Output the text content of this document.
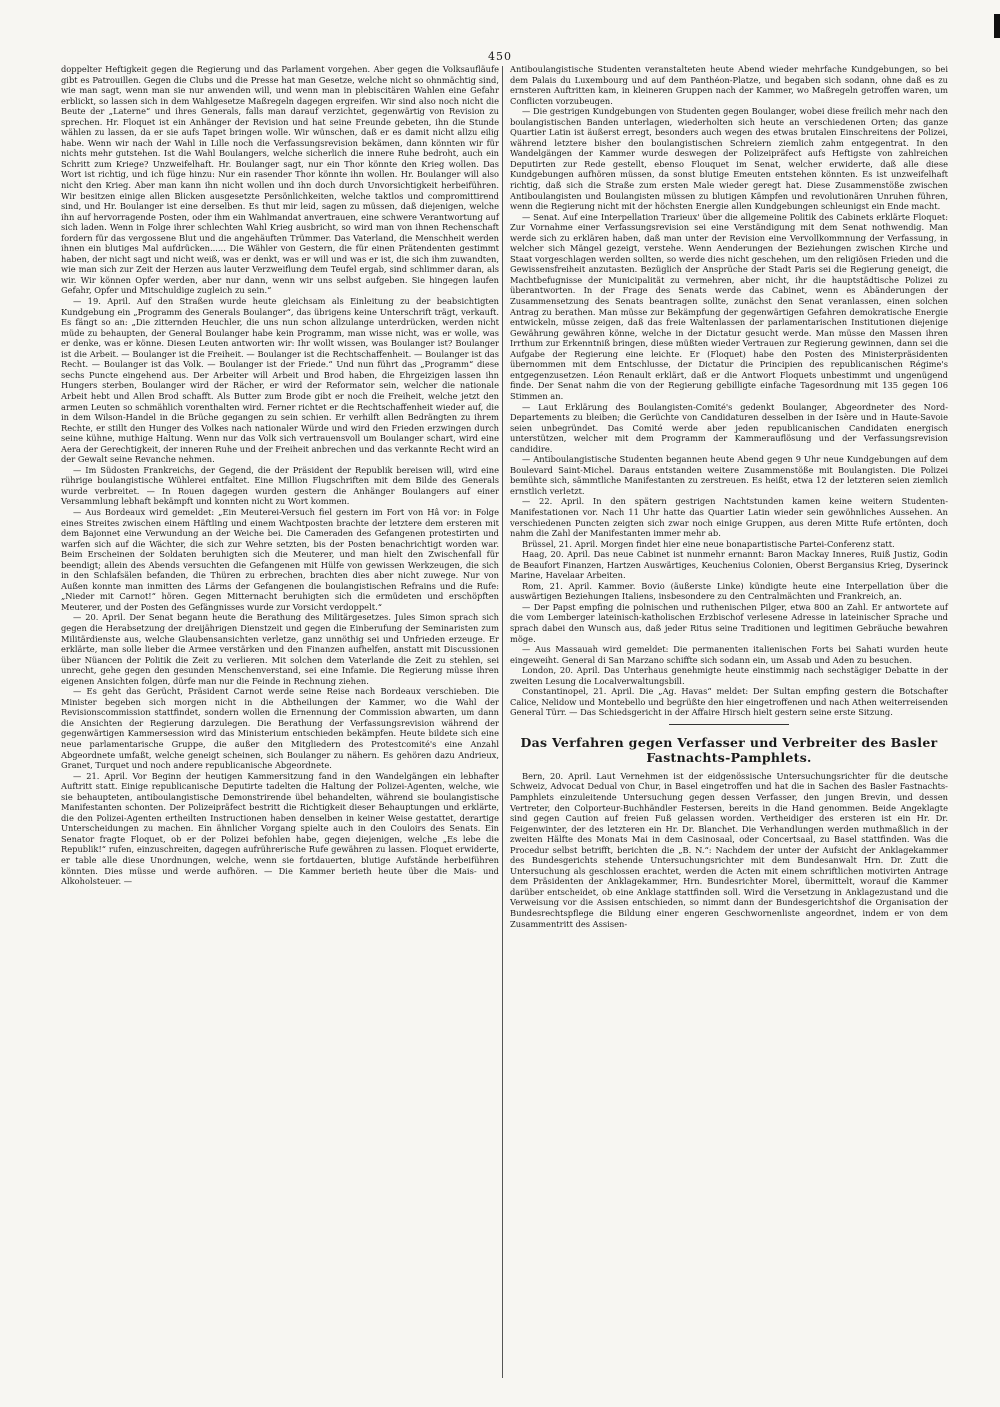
450

doppelter Heftigkeit gegen die Regierung und das Parlament vorgehen. Aber gegen die Volksaufläufe gibt es Patrouillen. Gegen die Clubs und die Presse hat man Gesetze, welche nicht so ohnmächtig sind, wie man sagt, wenn man sie nur anwenden will, und wenn man in plebiscitären Wahlen eine Gefahr erblickt, so lassen sich in dem Wahlgesetze Maßregeln dagegen ergreifen. Wir sind also noch nicht die Beute der „Laterne“ und ihres Generals, falls man darauf verzichtet, gegenwärtig von Revision zu sprechen. Hr. Floquet ist ein Anhänger der Revision und hat seine Freunde gebeten, ihn die Stunde wählen zu lassen, da er sie aufs Tapet bringen wolle. Wir wünschen, daß er es damit nicht allzu eilig habe. Wenn wir nach der Wahl in Lille noch die Verfassungsrevision bekämen, dann könnten wir für nichts mehr gutstehen. Ist die Wahl Boulangers, welche sicherlich die innere Ruhe bedroht, auch ein Schritt zum Kriege? Unzweifelhaft. Hr. Boulanger sagt, nur ein Thor könnte den Krieg wollen. Das Wort ist richtig, und ich füge hinzu: Nur ein rasender Thor könnte ihn wollen. Hr. Boulanger will also nicht den Krieg. Aber man kann ihn nicht wollen und ihn doch durch Unvorsichtigkeit herbeiführen. Wir besitzen einige allen Blicken ausgesetzte Persönlichkeiten, welche taktlos und compromittirend sind, und Hr. Boulanger ist eine derselben. Es thut mir leid, sagen zu müssen, daß diejenigen, welche ihn auf hervorragende Posten, oder ihm ein Wahlmandat anvertrauen, eine schwere Verantwortung auf sich laden. Wenn in Folge ihrer schlechten Wahl Krieg ausbricht, so wird man von ihnen Rechenschaft fordern für das vergossene Blut und die angehäuften Trümmer. Das Vaterland, die Menschheit werden ihnen ein blutiges Mal aufdrücken...... Die Wähler von Gestern, die für einen Prätendenten gestimmt haben, der nicht sagt und nicht weiß, was er denkt, was er will und was er ist, die sich ihm zuwandten, wie man sich zur Zeit der Herzen aus lauter Verzweiflung dem Teufel ergab, sind schlimmer daran, als wir. Wir können Opfer werden, aber nur dann, wenn wir uns selbst aufgeben. Sie hingegen laufen Gefahr, Opfer und Mitschuldige zugleich zu sein.“

— 19. April. Auf den Straßen wurde heute gleichsam als Einleitung zu der beabsichtigten Kundgebung ein „Programm des Generals Boulanger“, das übrigens keine Unterschrift trägt, verkauft. Es fängt so an: „Die zitternden Heuchler, die uns nun schon allzulange unterdrücken, werden nicht müde zu behaupten, der General Boulanger habe kein Programm, man wisse nicht, was er wolle, was er denke, was er könne. Diesen Leuten antworten wir: Ihr wollt wissen, was Boulanger ist? Boulanger ist die Arbeit. — Boulanger ist die Freiheit. — Boulanger ist die Rechtschaffenheit. — Boulanger ist das Recht. — Boulanger ist das Volk. — Boulanger ist der Friede.“ Und nun führt das „Programm“ diese sechs Puncte eingehend aus. Der Arbeiter will Arbeit und Brod haben, die Ehrgeizigen lassen ihn Hungers sterben, Boulanger wird der Rächer, er wird der Reformator sein, welcher die nationale Arbeit hebt und Allen Brod schafft. Als Butter zum Brode gibt er noch die Freiheit, welche jetzt den armen Leuten so schmählich vorenthalten wird. Ferner richtet er die Rechtschaffenheit wieder auf, die in dem Wilson-Handel in die Brüche gegangen zu sein schien. Er verhilft allen Bedrängten zu ihrem Rechte, er stillt den Hunger des Volkes nach nationaler Würde und wird den Frieden erzwingen durch seine kühne, muthige Haltung. Wenn nur das Volk sich vertrauensvoll um Boulanger schart, wird eine Aera der Gerechtigkeit, der inneren Ruhe und der Freiheit anbrechen und das verkannte Recht wird an der Gewalt seine Revanche nehmen.

— Im Südosten Frankreichs, der Gegend, die der Präsident der Republik bereisen will, wird eine rührige boulangistische Wühlerei entfaltet. Eine Million Flugschriften mit dem Bilde des Generals wurde verbreitet. — In Rouen dagegen wurden gestern die Anhänger Boulangers auf einer Versammlung lebhaft bekämpft und konnten nicht zu Wort kommen.

— Aus Bordeaux wird gemeldet: „Ein Meuterei-Versuch fiel gestern im Fort von Hâ vor: in Folge eines Streites zwischen einem Häftling und einem Wachtposten brachte der letztere dem ersteren mit dem Bajonnet eine Verwundung an der Weiche bei. Die Cameraden des Gefangenen protestirten und warfen sich auf die Wächter, die sich zur Wehre setzten, bis der Posten benachrichtigt worden war. Beim Erscheinen der Soldaten beruhigten sich die Meuterer, und man hielt den Zwischenfall für beendigt; allein des Abends versuchten die Gefangenen mit Hülfe von gewissen Werkzeugen, die sich in den Schlafsälen befanden, die Thüren zu erbrechen, brachten dies aber nicht zuwege. Nur von Außen konnte man inmitten des Lärms der Gefangenen die boulangistischen Refrains und die Rufe: „Nieder mit Carnot!“ hören. Gegen Mitternacht beruhigten sich die ermüdeten und erschöpften Meuterer, und der Posten des Gefängnisses wurde zur Vorsicht verdoppelt.“

— 20. April. Der Senat begann heute die Berathung des Militärgesetzes. Jules Simon sprach sich gegen die Herabsetzung der dreijährigen Dienstzeit und gegen die Einberufung der Seminaristen zum Militärdienste aus, welche Glaubensansichten verletze, ganz unnöthig sei und Unfrieden erzeuge. Er erklärte, man solle lieber die Armee verstärken und den Finanzen aufhelfen, anstatt mit Discussionen über Nüancen der Politik die Zeit zu verlieren. Mit solchen dem Vaterlande die Zeit zu stehlen, sei unrecht, gehe gegen den gesunden Menschenverstand, sei eine Infamie. Die Regierung müsse ihren eigenen Ansichten folgen, dürfe man nur die Feinde in Rechnung ziehen.

— Es geht das Gerücht, Präsident Carnot werde seine Reise nach Bordeaux verschieben. Die Minister begeben sich morgen nicht in die Abtheilungen der Kammer, wo die Wahl der Revisionscommission stattfindet, sondern wollen die Ernennung der Commission abwarten, um dann die Ansichten der Regierung darzulegen. Die Berathung der Verfassungsrevision während der gegenwärtigen Kammersession wird das Ministerium entschieden bekämpfen. Heute bildete sich eine neue parlamentarische Gruppe, die außer den Mitgliedern des Protestcomité's eine Anzahl Abgeordnete umfaßt, welche geneigt scheinen, sich Boulanger zu nähern. Es gehören dazu Andrieux, Granet, Turquet und noch andere republicanische Abgeordnete.

— 21. April. Vor Beginn der heutigen Kammersitzung fand in den Wandelgängen ein lebhafter Auftritt statt. Einige republicanische Deputirte tadelten die Haltung der Polizei-Agenten, welche, wie sie behaupteten, antiboulangistische Demonstrirende übel behandelten, während sie boulangistische Manifestanten schonten. Der Polizeipräfect bestritt die Richtigkeit dieser Behauptungen und erklärte, die den Polizei-Agenten ertheilten Instructionen haben denselben in keiner Weise gestattet, derartige Unterscheidungen zu machen. Ein ähnlicher Vorgang spielte auch in den Couloirs des Senats. Ein Senator fragte Floquet, ob er der Polizei befohlen habe, gegen diejenigen, welche „Es lebe die Republik!“ rufen, einzuschreiten, dagegen aufrührerische Rufe gewähren zu lassen. Floquet erwiderte, er table alle diese Unordnungen, welche, wenn sie fortdauerten, blutige Aufstände herbeiführen könnten. Dies müsse und werde aufhören. — Die Kammer berieth heute über die Mais- und Alkoholsteuer. —

Antiboulangistische Studenten veranstalteten heute Abend wieder mehrfache Kundgebungen, so bei dem Palais du Luxembourg und auf dem Panthéon-Platze, und begaben sich sodann, ohne daß es zu ernsteren Auftritten kam, in kleineren Gruppen nach der Kammer, wo Maßregeln getroffen waren, um Conflicten vorzubeugen.

— Die gestrigen Kundgebungen von Studenten gegen Boulanger, wobei diese freilich mehr nach den boulangistischen Banden unterlagen, wiederholten sich heute an verschiedenen Orten; das ganze Quartier Latin ist äußerst erregt, besonders auch wegen des etwas brutalen Einschreitens der Polizei, während letztere bisher den boulangistischen Schreiern ziemlich zahm entgegentrat. In den Wandelgängen der Kammer wurde deswegen der Polizeipräfect aufs Heftigste von zahlreichen Deputirten zur Rede gestellt, ebenso Flouquet im Senat, welcher erwiderte, daß alle diese Kundgebungen aufhören müssen, da sonst blutige Emeuten entstehen könnten. Es ist unzweifelhaft richtig, daß sich die Straße zum ersten Male wieder geregt hat. Diese Zusammenstöße zwischen Antiboulangisten und Boulangisten müssen zu blutigen Kämpfen und revolutionären Unruhen führen, wenn die Regierung nicht mit der höchsten Energie allen Kundgebungen schleunigst ein Ende macht.

— Senat. Auf eine Interpellation Trarieux' über die allgemeine Politik des Cabinets erklärte Floquet: Zur Vornahme einer Verfassungsrevision sei eine Verständigung mit dem Senat nothwendig. Man werde sich zu erklären haben, daß man unter der Revision eine Vervollkommnung der Verfassung, in welcher sich Mängel gezeigt, verstehe. Wenn Aenderungen der Beziehungen zwischen Kirche und Staat vorgeschlagen werden sollten, so werde dies nicht geschehen, um den religiösen Frieden und die Gewissensfreiheit anzutasten. Bezüglich der Ansprüche der Stadt Paris sei die Regierung geneigt, die Machtbefugnisse der Municipalität zu vermehren, aber nicht, ihr die hauptstädtische Polizei zu überantworten. In der Frage des Senats werde das Cabinet, wenn es Abänderungen der Zusammensetzung des Senats beantragen sollte, zunächst den Senat veranlassen, einen solchen Antrag zu berathen. Man müsse zur Bekämpfung der gegenwärtigen Gefahren demokratische Energie entwickeln, müsse zeigen, daß das freie Waltenlassen der parlamentarischen Institutionen diejenige Gewährung gewähren könne, welche in der Dictatur gesucht werde. Man müsse den Massen ihren Irrthum zur Erkenntniß bringen, diese müßten wieder Vertrauen zur Regierung gewinnen, dann sei die Aufgabe der Regierung eine leichte. Er (Floquet) habe den Posten des Ministerpräsidenten übernommen mit dem Entschlusse, der Dictatur die Principien des republicanischen Régime's entgegenzusetzen. Léon Renault erklärt, daß er die Antwort Floquets unbestimmt und ungenügend finde. Der Senat nahm die von der Regierung gebilligte einfache Tagesordnung mit 135 gegen 106 Stimmen an.

— Laut Erklärung des Boulangisten-Comité's gedenkt Boulanger, Abgeordneter des Nord-Departements zu bleiben; die Gerüchte von Candidaturen desselben in der Isère und in Haute-Savoie seien unbegründet. Das Comité werde aber jeden republicanischen Candidaten energisch unterstützen, welcher mit dem Programm der Kammerauflösung und der Verfassungsrevision candidire.

— Antiboulangistische Studenten begannen heute Abend gegen 9 Uhr neue Kundgebungen auf dem Boulevard Saint-Michel. Daraus entstanden weitere Zusammenstöße mit Boulangisten. Die Polizei bemühte sich, sämmtliche Manifestanten zu zerstreuen. Es heißt, etwa 12 der letzteren seien ziemlich ernstlich verletzt.

— 22. April. In den spätern gestrigen Nachtstunden kamen keine weitern Studenten-Manifestationen vor. Nach 11 Uhr hatte das Quartier Latin wieder sein gewöhnliches Aussehen. An verschiedenen Puncten zeigten sich zwar noch einige Gruppen, aus deren Mitte Rufe ertönten, doch nahm die Zahl der Manifestanten immer mehr ab.

Brüssel, 21. April. Morgen findet hier eine neue bonapartistische Partei-Conferenz statt.

Haag, 20. April. Das neue Cabinet ist nunmehr ernannt: Baron Mackay Inneres, Ruiß Justiz, Godin de Beaufort Finanzen, Hartzen Auswärtiges, Keuchenius Colonien, Oberst Bergansius Krieg, Dyserinck Marine, Havelaar Arbeiten.

Rom, 21. April. Kammer. Bovio (äußerste Linke) kündigte heute eine Interpellation über die auswärtigen Beziehungen Italiens, insbesondere zu den Centralmächten und Frankreich, an.

— Der Papst empfing die polnischen und ruthenischen Pilger, etwa 800 an Zahl. Er antwortete auf die vom Lemberger lateinisch-katholischen Erzbischof verlesene Adresse in lateinischer Sprache und sprach dabei den Wunsch aus, daß jeder Ritus seine Traditionen und legitimen Gebräuche bewahren möge.

— Aus Massauah wird gemeldet: Die permanenten italienischen Forts bei Sahati wurden heute eingeweiht. General di San Marzano schiffte sich sodann ein, um Assab und Aden zu besuchen.

London, 20. April. Das Unterhaus genehmigte heute einstimmig nach sechstägiger Debatte in der zweiten Lesung die Localverwaltungsbill.

Constantinopel, 21. April. Die „Ag. Havas“ meldet: Der Sultan empfing gestern die Botschafter Calice, Nelidow und Montebello und begrüßte den hier eingetroffenen und nach Athen weiterreisenden General Türr. — Das Schiedsgericht in der Affaire Hirsch hielt gestern seine erste Sitzung.

Das Verfahren gegen Verfasser und Verbreiter des Basler
Fastnachts-Pamphlets.

Bern, 20. April. Laut Vernehmen ist der eidgenössische Untersuchungsrichter für die deutsche Schweiz, Advocat Dedual von Chur, in Basel eingetroffen und hat die in Sachen des Basler Fastnachts-Pamphlets einzuleitende Untersuchung gegen dessen Verfasser, den jungen Brevin, und dessen Vertreter, den Colporteur-Buchhändler Festersen, bereits in die Hand genommen. Beide Angeklagte sind gegen Caution auf freien Fuß gelassen worden. Vertheidiger des ersteren ist ein Hr. Dr. Feigenwinter, der des letzteren ein Hr. Dr. Blanchet. Die Verhandlungen werden muthmaßlich in der zweiten Hälfte des Monats Mai in dem Casinosaal, oder Concertsaal, zu Basel stattfinden. Was die Procedur selbst betrifft, berichten die „B. N.“: Nachdem der unter der Aufsicht der Anklagekammer des Bundesgerichts stehende Untersuchungsrichter mit dem Bundesanwalt Hrn. Dr. Zutt die Untersuchung als geschlossen erachtet, werden die Acten mit einem schriftlichen motivirten Antrage dem Präsidenten der Anklagekammer, Hrn. Bundesrichter Morel, übermittelt, worauf die Kammer darüber entscheidet, ob eine Anklage stattfinden soll. Wird die Versetzung in Anklagezustand und die Verweisung vor die Assisen entschieden, so nimmt dann der Bundesgerichtshof die Organisation der Bundesrechtspflege die Bildung einer engeren Geschwornenliste angeordnet, indem er von dem Zusammentritt des Assisen-
